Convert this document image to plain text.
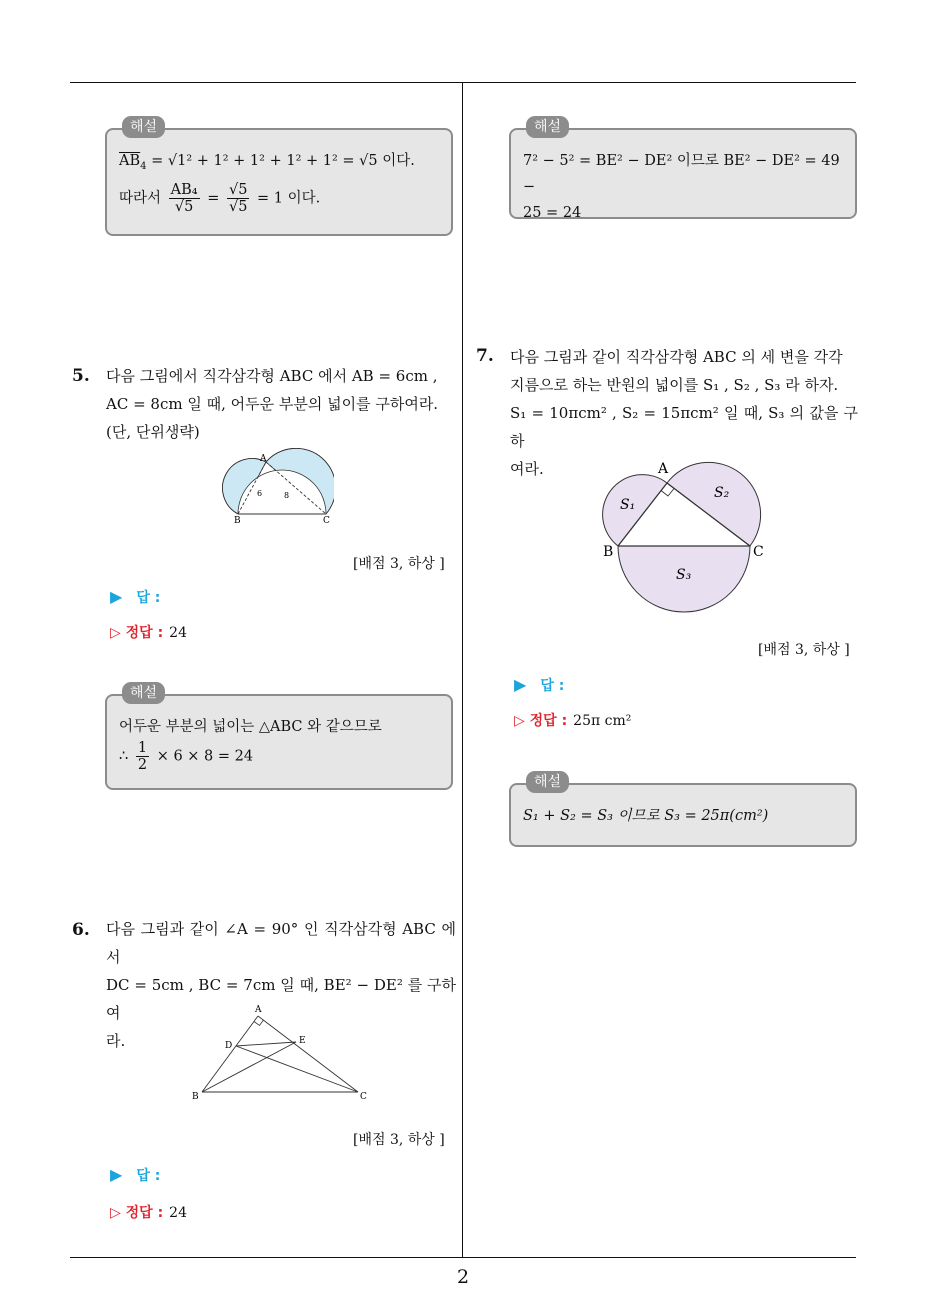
해설
$\overline{AB}_4 = √1^2 + 1^2 + 1^2 + 1^2 + 1^2 = √5$ 이다.
따라서 $\frac{\text{AB₄}}{√5} = \frac{√5}{√5} = 1$ 이다.
5. 다음 그림에서 직각삼각형 ABC 에서 AB = 6cm ,
AC = 8cm 일 때, 어두운 부분의 넓이를 구하여라.
(단, 단위생략)
A
B	C
6	8
[배점 3, 하상 ]
▶ 답 :
▷ 정답 : 24
해설
어두운 부분의 넓이는 △ABC 와 같으므로
∴ $\frac{1}{2} \times 6 \times 8 = 24$
6. 다음 그림과 같이 ∠A = 90° 인 직각삼각형 ABC 에서
DC = 5cm , BC = 7cm 일 때, BE² − DE² 를 구하여
라.
A
B	C
D	E
[배점 3, 하상 ]
▶ 답 :
▷ 정답 : 24
해설
7² − 5² = BE² − DE² 이므로 BE² − DE² = 49 −
25 = 24
7. 다음 그림과 같이 직각삼각형 ABC 의 세 변을 각각
지름으로 하는 반원의 넓이를 S₁ , S₂ , S₃ 라 하자.
S₁ = 10πcm² , S₂ = 15πcm² 일 때, S₃ 의 값을 구하
여라.	A
B	C
S₁
S₂
S₃
[배점 3, 하상 ]
▶ 답 :
▷ 정답 : 25π cm²
해설
S₁ + S₂ = S₃ 이므로 S₃ = 25π(cm²)
2
